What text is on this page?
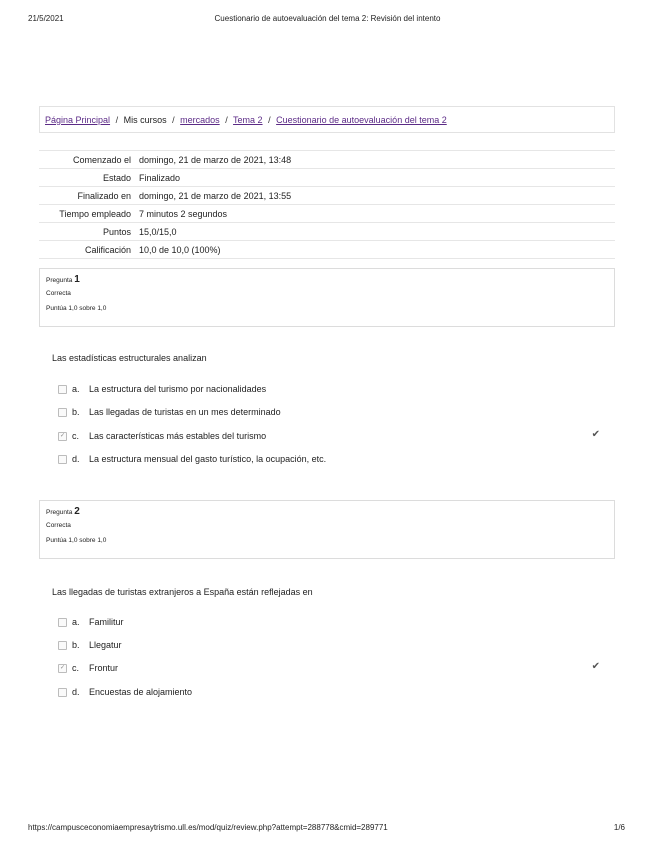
21/5/2021	Cuestionario de autoevaluación del tema 2: Revisión del intento
Página Principal / Mis cursos / mercados / Tema 2 / Cuestionario de autoevaluación del tema 2
Comenzado el	domingo, 21 de marzo de 2021, 13:48
Estado	Finalizado
Finalizado en	domingo, 21 de marzo de 2021, 13:55
Tiempo empleado	7 minutos 2 segundos
Puntos	15,0/15,0
Calificación	10,0 de 10,0 (100%)
Pregunta 1
Correcta
Puntúa 1,0 sobre 1,0
Las estadísticas estructurales analizan
a.	La estructura del turismo por nacionalidades
b.	Las llegadas de turistas en un mes determinado
✓ c.	Las características más estables del turismo	✔
d.	La estructura mensual del gasto turístico, la ocupación, etc.
Pregunta 2
Correcta
Puntúa 1,0 sobre 1,0
Las llegadas de turistas extranjeros a España están reflejadas en
a.	Familitur
b.	Llegatur
✓ c.	Frontur	✔
d.	Encuestas de alojamiento
https://campusceconomiaempresaytrismo.ull.es/mod/quiz/review.php?attempt=288778&cmid=289771	1/6
